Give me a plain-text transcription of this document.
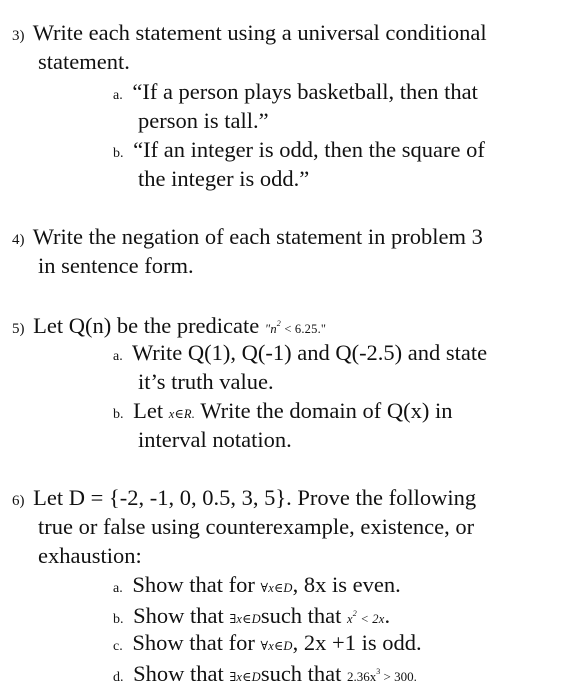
3) Write each statement using a universal conditional
statement.
a. “If a person plays basketball, then that
person is tall.”
b. “If an integer is odd, then the square of
the integer is odd.”
4) Write the negation of each statement in problem 3
in sentence form.
5) Let Q(n) be the predicate "$n^2 < 6.25$."
a. Write Q(1), Q(-1) and Q(-2.5) and state
it’s truth value.
b. Let x∈R. Write the domain of Q(x) in
interval notation.
6) Let D = {-2, -1, 0, 0.5, 3, 5}. Prove the following
true or false using counterexample, existence, or
exhaustion:
a. Show that for ∀x∈D, 8x is even.
b. Show that ∃x∈Dsuch that $x^2 < 2x$.
c. Show that for ∀x∈D, 2x +1 is odd.
d. Show that ∃x∈Dsuch that $2.36x^3 > 300$.
